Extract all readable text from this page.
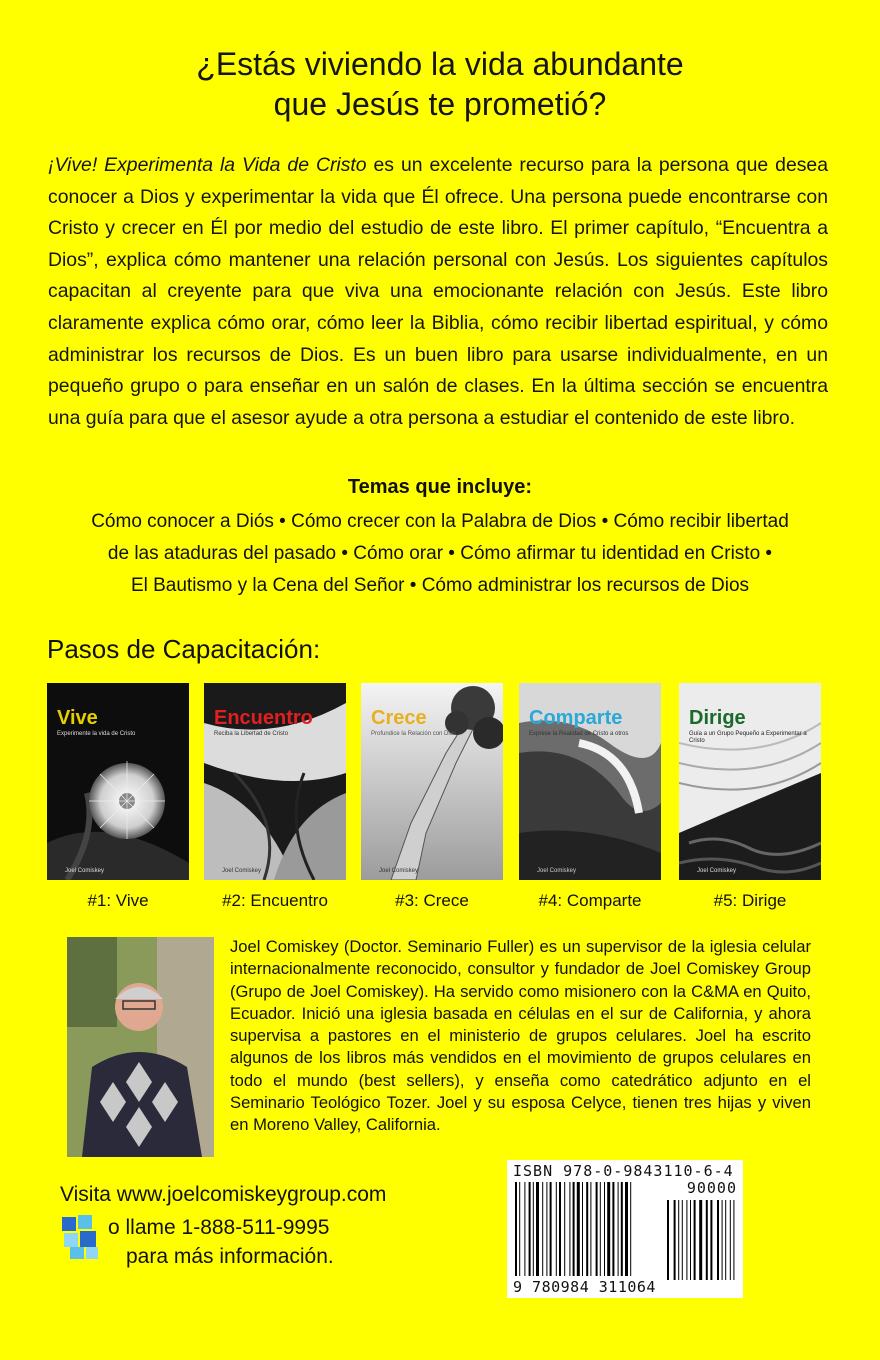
¿Estás viviendo la vida abundante
que Jesús te prometió?
¡Vive! Experimenta la Vida de Cristo es un excelente recurso para la persona que desea conocer a Dios y experimentar la vida que Él ofrece. Una persona puede encontrarse con Cristo y crecer en Él por medio del estudio de este libro. El primer capítulo, “Encuentra a Dios”, explica cómo mantener una relación personal con Jesús. Los siguientes capítulos capacitan al creyente para que viva una emocionante relación con Jesús. Este libro claramente explica cómo orar, cómo leer la Biblia, cómo recibir libertad espiritual, y cómo administrar los recursos de Dios. Es un buen libro para usarse individualmente, en un pequeño grupo o para enseñar en un salón de clases. En la última sección se encuentra una guía para que el asesor ayude a otra persona a estudiar el contenido de este libro.
Temas que incluye:
Cómo conocer a Diós • Cómo crecer con la Palabra de Dios • Cómo recibir libertad
de las ataduras del pasado • Cómo orar • Cómo afirmar tu identidad en Cristo •
El Bautismo y la Cena del Señor • Cómo administrar los recursos de Dios
Pasos de Capacitación:
Vive
Experimente la vida de Cristo
Joel Comiskey
#1: Vive
Encuentro
Reciba la Libertad de Cristo
Joel Comiskey
#2: Encuentro
Crece
Profundice la Relación con Dios
Joel Comiskey
#3: Crece
Comparte
Exprese la Realidad de Cristo a otros
Joel Comiskey
#4: Comparte
Dirige
Guía a un Grupo Pequeño a Experimentar a Cristo
Joel Comiskey
#5: Dirige
Joel Comiskey (Doctor. Seminario Fuller) es un supervisor de la iglesia celular internacionalmente reconocido, consultor y fundador de Joel Comiskey Group (Grupo de Joel Comiskey). Ha servido como misionero con la C&MA en Quito, Ecuador. Inició una iglesia basada en células en el sur de California, y ahora supervisa a pastores en el ministerio de grupos celulares. Joel ha escrito algunos de los libros más vendidos en el movimiento de grupos celulares en todo el mundo (best sellers), y enseña como catedrático adjunto en el Seminario Teológico Tozer. Joel y su esposa Celyce, tienen tres hijas y viven en Moreno Valley, California.
Visita www.joelcomiskeygroup.com
o llame 1-888-511-9995
para más información.
ISBN 978-0-9843110-6-4
90000
9 780984 311064
